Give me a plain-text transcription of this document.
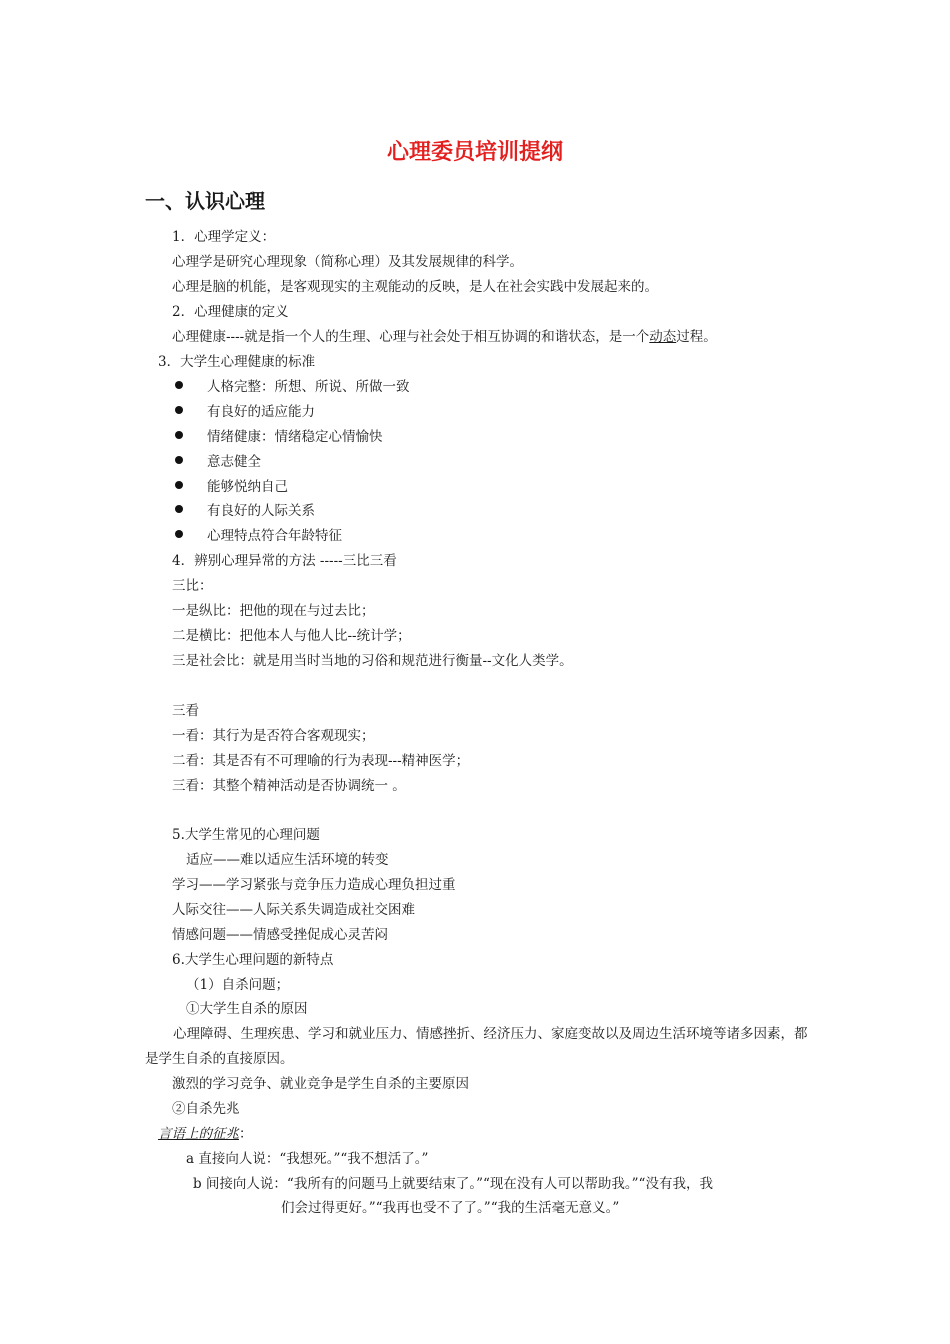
心理委员培训提纲
一、认识心理
1．心理学定义：
心理学是研究心理现象（简称心理）及其发展规律的科学。
心理是脑的机能，是客观现实的主观能动的反映，是人在社会实践中发展起来的。
2．心理健康的定义
心理健康----就是指一个人的生理、心理与社会处于相互协调的和谐状态，是一个动态过程。
3．大学生心理健康的标准
人格完整：所想、所说、所做一致
有良好的适应能力
情绪健康：情绪稳定心情愉快
意志健全
能够悦纳自己
有良好的人际关系
心理特点符合年龄特征
4．辨别心理异常的方法 -----三比三看
三比：
一是纵比：把他的现在与过去比；
二是横比：把他本人与他人比--统计学；
三是社会比：就是用当时当地的习俗和规范进行衡量--文化人类学。
三看
一看：其行为是否符合客观现实；
二看：其是否有不可理喻的行为表现---精神医学；
三看：其整个精神活动是否协调统一 。
5.大学生常见的心理问题
适应——难以适应生活环境的转变
学习——学习紧张与竞争压力造成心理负担过重
人际交往——人际关系失调造成社交困难
情感问题——情感受挫促成心灵苦闷
6.大学生心理问题的新特点
（1）自杀问题；
①大学生自杀的原因
心理障碍、生理疾患、学习和就业压力、情感挫折、经济压力、家庭变故以及周边生活环境等诸多因素，都是学生自杀的直接原因。
激烈的学习竞争、就业竞争是学生自杀的主要原因
②自杀先兆
言语上的征兆：
a 直接向人说：“我想死。”“我不想活了。”
b 间接向人说：“我所有的问题马上就要结束了。”“现在没有人可以帮助我。”“没有我，我
们会过得更好。”“我再也受不了了。”“我的生活毫无意义。”
